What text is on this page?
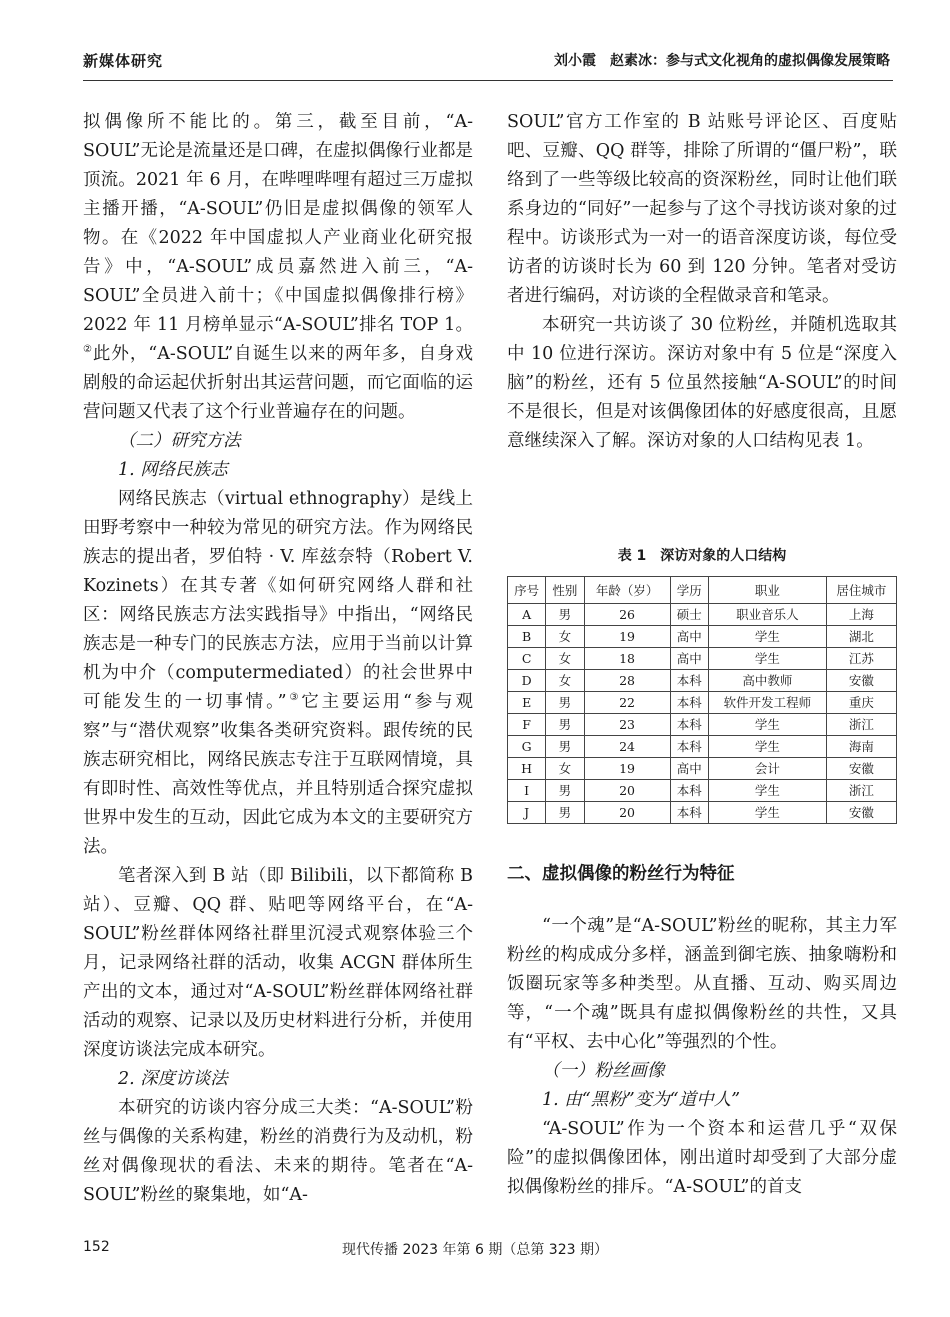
新媒体研究	刘小霞　赵素冰：参与式文化视角的虚拟偶像发展策略

拟偶像所不能比的。第三，截至目前，“A-SOUL”无论是流量还是口碑，在虚拟偶像行业都是顶流。2021 年 6 月，在哔哩哔哩有超过三万虚拟主播开播，“A-SOUL”仍旧是虚拟偶像的领军人物。在《2022 年中国虚拟人产业商业化研究报告》中，“A-SOUL”成员嘉然进入前三，“A-SOUL”全员进入前十；《中国虚拟偶像排行榜》2022 年 11 月榜单显示“A-SOUL”排名 TOP 1。②此外，“A-SOUL”自诞生以来的两年多，自身戏剧般的命运起伏折射出其运营问题，而它面临的运营问题又代表了这个行业普遍存在的问题。

（二）研究方法

1. 网络民族志

网络民族志（virtual ethnography）是线上田野考察中一种较为常见的研究方法。作为网络民族志的提出者，罗伯特 · V. 库兹奈特（Robert V. Kozinets）在其专著《如何研究网络人群和社区：网络民族志方法实践指导》中指出，“网络民族志是一种专门的民族志方法，应用于当前以计算机为中介（computermediated）的社会世界中可能发生的一切事情。”③它主要运用“参与观察”与“潜伏观察”收集各类研究资料。跟传统的民族志研究相比，网络民族志专注于互联网情境，具有即时性、高效性等优点，并且特别适合探究虚拟世界中发生的互动，因此它成为本文的主要研究方法。

笔者深入到 B 站（即 Bilibili，以下都简称 B 站）、豆瓣、QQ 群、贴吧等网络平台，在“A-SOUL”粉丝群体网络社群里沉浸式观察体验三个月，记录网络社群的活动，收集 ACGN 群体所生产出的文本，通过对“A-SOUL”粉丝群体网络社群活动的观察、记录以及历史材料进行分析，并使用深度访谈法完成本研究。

2. 深度访谈法

本研究的访谈内容分成三大类：“A-SOUL”粉丝与偶像的关系构建，粉丝的消费行为及动机，粉丝对偶像现状的看法、未来的期待。笔者在“A-SOUL”粉丝的聚集地，如“A-

SOUL”官方工作室的 B 站账号评论区、百度贴吧、豆瓣、QQ 群等，排除了所谓的“僵尸粉”，联络到了一些等级比较高的资深粉丝，同时让他们联系身边的“同好”一起参与了这个寻找访谈对象的过程中。访谈形式为一对一的语音深度访谈，每位受访者的访谈时长为 60 到 120 分钟。笔者对受访者进行编码，对访谈的全程做录音和笔录。

本研究一共访谈了 30 位粉丝，并随机选取其中 10 位进行深访。深访对象中有 5 位是“深度入脑”的粉丝，还有 5 位虽然接触“A-SOUL”的时间不是很长，但是对该偶像团体的好感度很高，且愿意继续深入了解。深访对象的人口结构见表 1。

表 1　深访对象的人口结构
序号	性别	年龄（岁）	学历	职业	居住城市
A	男	26	硕士	职业音乐人	上海
B	女	19	高中	学生	湖北
C	女	18	高中	学生	江苏
D	女	28	本科	高中教师	安徽
E	男	22	本科	软件开发工程师	重庆
F	男	23	本科	学生	浙江
G	男	24	本科	学生	海南
H	女	19	高中	会计	安徽
I	男	20	本科	学生	浙江
J	男	20	本科	学生	安徽
二、虚拟偶像的粉丝行为特征

“一个魂”是“A-SOUL”粉丝的昵称，其主力军粉丝的构成成分多样，涵盖到御宅族、抽象嗨粉和饭圈玩家等多种类型。从直播、互动、购买周边等，“一个魂”既具有虚拟偶像粉丝的共性，又具有“平权、去中心化”等强烈的个性。

（一）粉丝画像

1. 由“黑粉”变为“道中人”

“A-SOUL”作为一个资本和运营几乎“双保险”的虚拟偶像团体，刚出道时却受到了大部分虚拟偶像粉丝的排斥。“A-SOUL”的首支

152	现代传播 2023 年第 6 期（总第 323 期）
